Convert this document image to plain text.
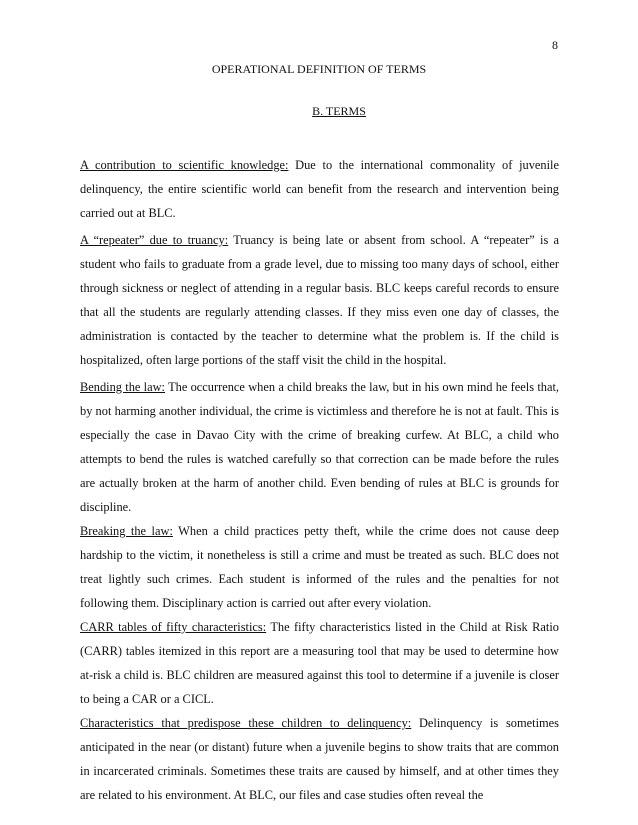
8
OPERATIONAL DEFINITION OF TERMS
B. TERMS

A contribution to scientific knowledge: Due to the international commonality of juvenile delinquency, the entire scientific world can benefit from the research and intervention being carried out at BLC.

A “repeater” due to truancy: Truancy is being late or absent from school. A “repeater” is a student who fails to graduate from a grade level, due to missing too many days of school, either through sickness or neglect of attending in a regular basis. BLC keeps careful records to ensure that all the students are regularly attending classes. If they miss even one day of classes, the administration is contacted by the teacher to determine what the problem is. If the child is hospitalized, often large portions of the staff visit the child in the hospital.

Bending the law: The occurrence when a child breaks the law, but in his own mind he feels that, by not harming another individual, the crime is victimless and therefore he is not at fault. This is especially the case in Davao City with the crime of breaking curfew. At BLC, a child who attempts to bend the rules is watched carefully so that correction can be made before the rules are actually broken at the harm of another child. Even bending of rules at BLC is grounds for discipline.

Breaking the law: When a child practices petty theft, while the crime does not cause deep hardship to the victim, it nonetheless is still a crime and must be treated as such. BLC does not treat lightly such crimes. Each student is informed of the rules and the penalties for not following them. Disciplinary action is carried out after every violation.

CARR tables of fifty characteristics: The fifty characteristics listed in the Child at Risk Ratio (CARR) tables itemized in this report are a measuring tool that may be used to determine how at-risk a child is. BLC children are measured against this tool to determine if a juvenile is closer to being a CAR or a CICL.

Characteristics that predispose these children to delinquency: Delinquency is sometimes anticipated in the near (or distant) future when a juvenile begins to show traits that are common in incarcerated criminals. Sometimes these traits are caused by himself, and at other times they are related to his environment. At BLC, our files and case studies often reveal the
